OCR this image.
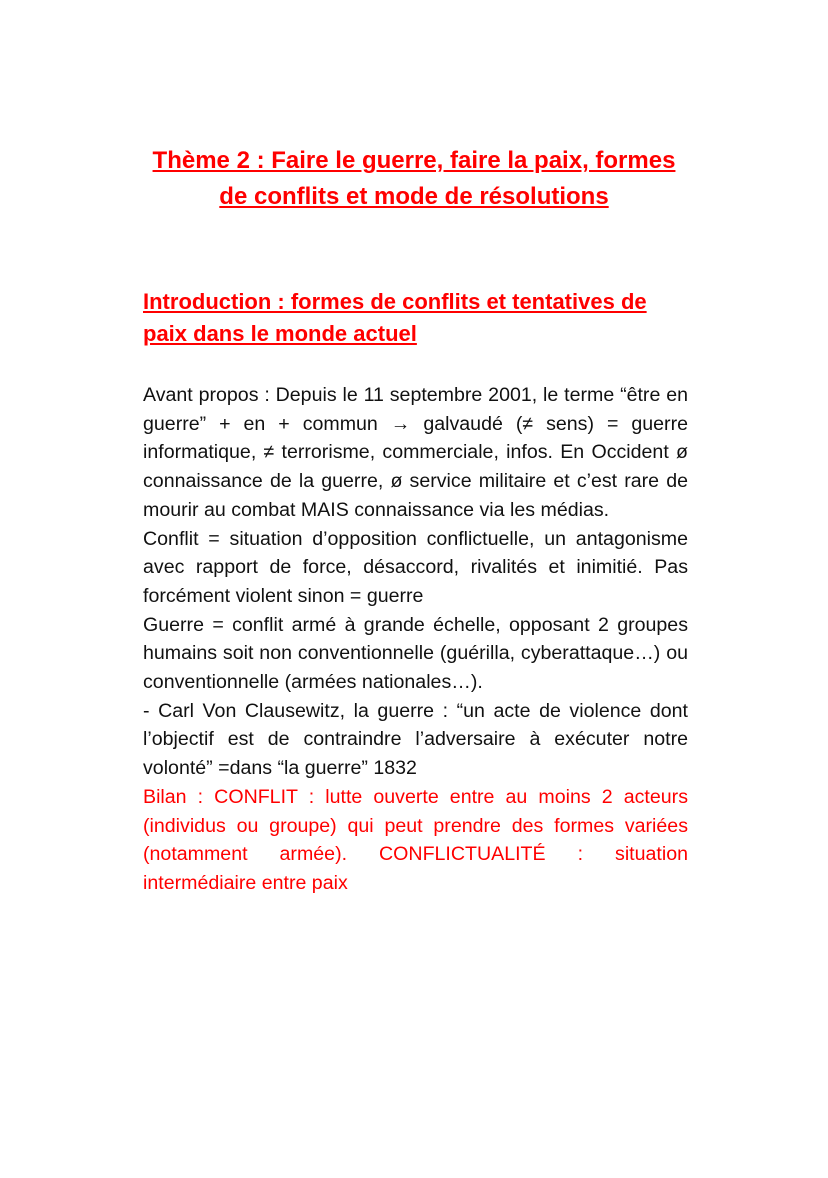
Thème 2 : Faire le guerre, faire la paix, formes de conflits et mode de résolutions
Introduction : formes de conflits et tentatives de paix dans le monde actuel

Avant propos : Depuis le 11 septembre 2001, le terme “être en guerre” + en + commun → galvaudé (≠ sens) = guerre informatique, ≠ terrorisme, commerciale, infos. En Occident ø connaissance de la guerre, ø service militaire et c’est rare de mourir au combat MAIS connaissance via les médias.

Conflit = situation d’opposition conflictuelle, un antagonisme avec rapport de force, désaccord, rivalités et inimitié. Pas forcément violent sinon = guerre

Guerre = conflit armé à grande échelle, opposant 2 groupes humains soit non conventionnelle (guérilla, cyberattaque…) ou conventionnelle (armées nationales…).

- Carl Von Clausewitz, la guerre : “un acte de violence dont l’objectif est de contraindre l’adversaire à exécuter notre volonté” =dans “la guerre” 1832

Bilan : CONFLIT : lutte ouverte entre au moins 2 acteurs (individus ou groupe) qui peut prendre des formes variées (notamment armée). CONFLICTUALITÉ : situation intermédiaire entre paix
